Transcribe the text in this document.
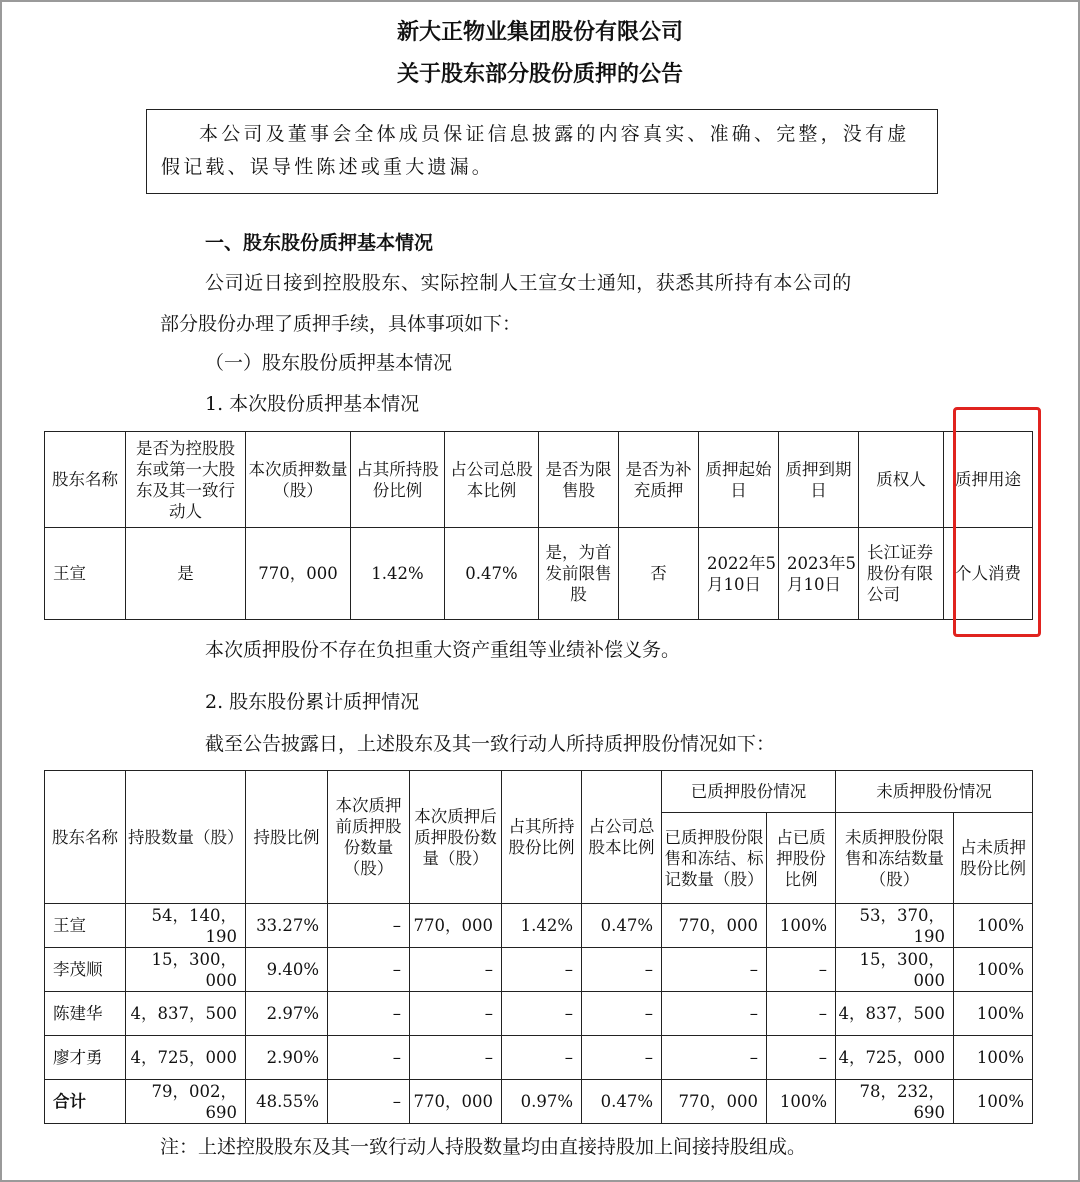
新大正物业集团股份有限公司
关于股东部分股份质押的公告
本公司及董事会全体成员保证信息披露的内容真实、准确、完整，没有虚假记载、误导性陈述或重大遗漏。
一、股东股份质押基本情况
公司近日接到控股股东、实际控制人王宣女士通知，获悉其所持有本公司的
部分股份办理了质押手续，具体事项如下：
（一）股东股份质押基本情况
1. 本次股份质押基本情况
股东名称	是否为控股股东或第一大股东及其一致行动人	本次质押数量（股）	占其所持股份比例	占公司总股本比例	是否为限售股	是否为补充质押	质押起始日	质押到期日	质权人	质押用途
王宣	是	770，000	1.42%	0.47%	是，为首发前限售股	否	2022年5月10日	2023年5月10日	长江证券股份有限公司	个人消费
本次质押股份不存在负担重大资产重组等业绩补偿义务。
2. 股东股份累计质押情况
截至公告披露日，上述股东及其一致行动人所持质押股份情况如下：
股东名称	持股数量（股）	持股比例	本次质押前质押股份数量（股）	本次质押后质押股份数量（股）	占其所持股份比例	占公司总股本比例	已质押股份情况		未质押股份情况	
							已质押股份限售和冻结、标记数量（股）	占已质押股份比例	未质押股份限售和冻结数量（股）	占未质押股份比例
王宣	54，140，190	33.27%	–	770，000	1.42%	0.47%	770，000	100%	53，370，190	100%
李茂顺	15，300，000	9.40%	–	–	–	–	–	–	15，300，000	100%
陈建华	4，837，500	2.97%	–	–	–	–	–	–	4，837，500	100%
廖才勇	4，725，000	2.90%	–	–	–	–	–	–	4，725，000	100%
合计	79，002，690	48.55%	–	770，000	0.97%	0.47%	770，000	100%	78，232，690	100%
注：上述控股股东及其一致行动人持股数量均由直接持股加上间接持股组成。
